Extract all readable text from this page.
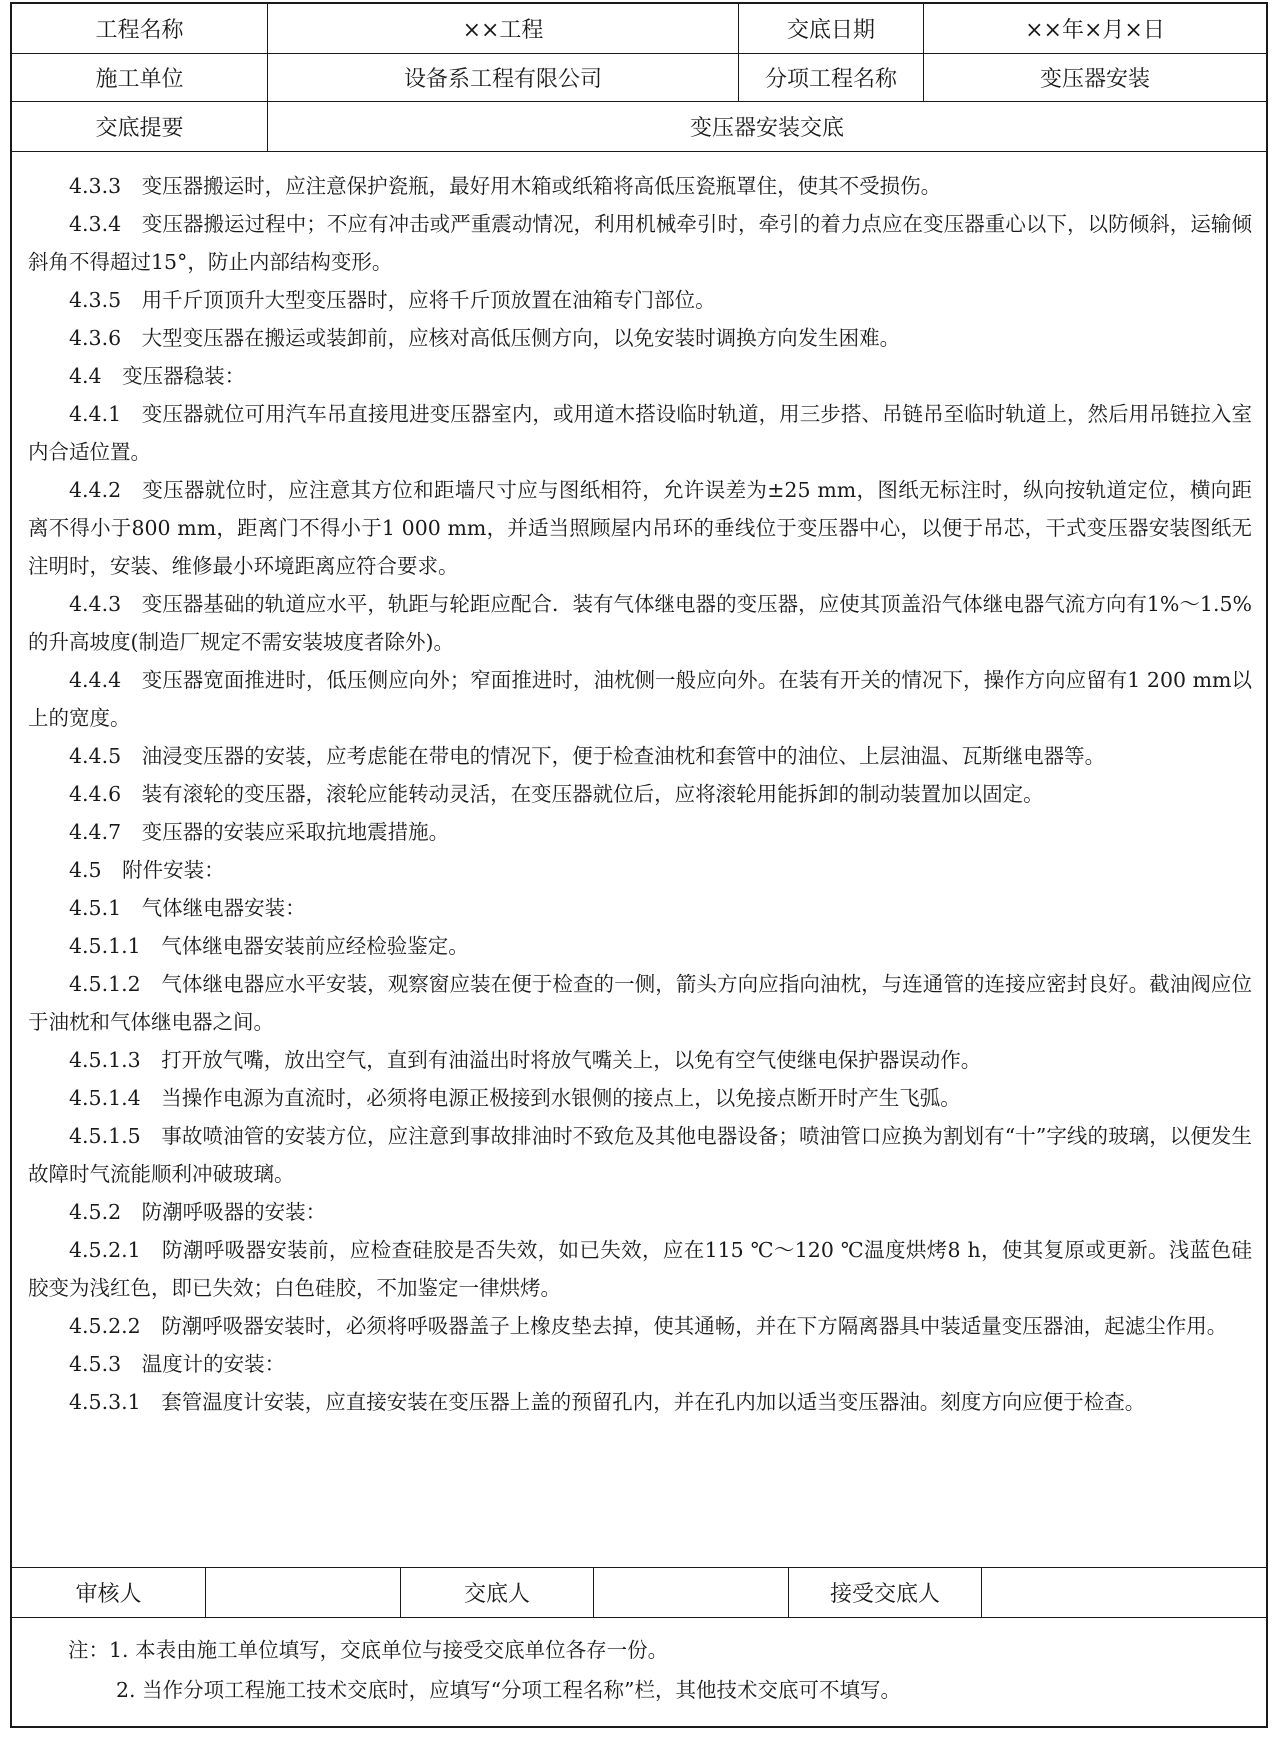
工程名称	××工程	交底日期	××年×月×日
施工单位	设备系工程有限公司	分项工程名称	变压器安装
交底提要	变压器安装交底

4.3.3　变压器搬运时，应注意保护瓷瓶，最好用木箱或纸箱将高低压瓷瓶罩住，使其不受损伤。

4.3.4　变压器搬运过程中；不应有冲击或严重震动情况，利用机械牵引时，牵引的着力点应在变压器重心以下，以防倾斜，运输倾斜角不得超过15°，防止内部结构变形。

4.3.5　用千斤顶顶升大型变压器时，应将千斤顶放置在油箱专门部位。

4.3.6　大型变压器在搬运或装卸前，应核对高低压侧方向，以免安装时调换方向发生困难。

4.4　变压器稳装：

4.4.1　变压器就位可用汽车吊直接甩进变压器室内，或用道木搭设临时轨道，用三步搭、吊链吊至临时轨道上，然后用吊链拉入室内合适位置。

4.4.2　变压器就位时，应注意其方位和距墙尺寸应与图纸相符，允许误差为±25 mm，图纸无标注时，纵向按轨道定位，横向距离不得小于800 mm，距离门不得小于1 000 mm，并适当照顾屋内吊环的垂线位于变压器中心，以便于吊芯，干式变压器安装图纸无注明时，安装、维修最小环境距离应符合要求。

4.4.3　变压器基础的轨道应水平，轨距与轮距应配合．装有气体继电器的变压器，应使其顶盖沿气体继电器气流方向有1%～1.5%的升高坡度(制造厂规定不需安装坡度者除外)。

4.4.4　变压器宽面推进时，低压侧应向外；窄面推进时，油枕侧一般应向外。在装有开关的情况下，操作方向应留有1 200 mm以上的宽度。

4.4.5　油浸变压器的安装，应考虑能在带电的情况下，便于检查油枕和套管中的油位、上层油温、瓦斯继电器等。

4.4.6　装有滚轮的变压器，滚轮应能转动灵活，在变压器就位后，应将滚轮用能拆卸的制动装置加以固定。

4.4.7　变压器的安装应采取抗地震措施。

4.5　附件安装：

4.5.1　气体继电器安装：

4.5.1.1　气体继电器安装前应经检验鉴定。

4.5.1.2　气体继电器应水平安装，观察窗应装在便于检查的一侧，箭头方向应指向油枕，与连通管的连接应密封良好。截油阀应位于油枕和气体继电器之间。

4.5.1.3　打开放气嘴，放出空气，直到有油溢出时将放气嘴关上，以免有空气使继电保护器误动作。

4.5.1.4　当操作电源为直流时，必须将电源正极接到水银侧的接点上，以免接点断开时产生飞弧。

4.5.1.5　事故喷油管的安装方位，应注意到事故排油时不致危及其他电器设备；喷油管口应换为割划有“十”字线的玻璃，以便发生故障时气流能顺利冲破玻璃。

4.5.2　防潮呼吸器的安装：

4.5.2.1　防潮呼吸器安装前，应检查硅胶是否失效，如已失效，应在115 ℃～120 ℃温度烘烤8 h，使其复原或更新。浅蓝色硅胶变为浅红色，即已失效；白色硅胶，不加鉴定一律烘烤。

4.5.2.2　防潮呼吸器安装时，必须将呼吸器盖子上橡皮垫去掉，使其通畅，并在下方隔离器具中装适量变压器油，起滤尘作用。

4.5.3　温度计的安装：

4.5.3.1　套管温度计安装，应直接安装在变压器上盖的预留孔内，并在孔内加以适当变压器油。刻度方向应便于检查。

审核人	交底人	接受交底人
注：1. 本表由施工单位填写，交底单位与接受交底单位各存一份。
2. 当作分项工程施工技术交底时，应填写“分项工程名称”栏，其他技术交底可不填写。
